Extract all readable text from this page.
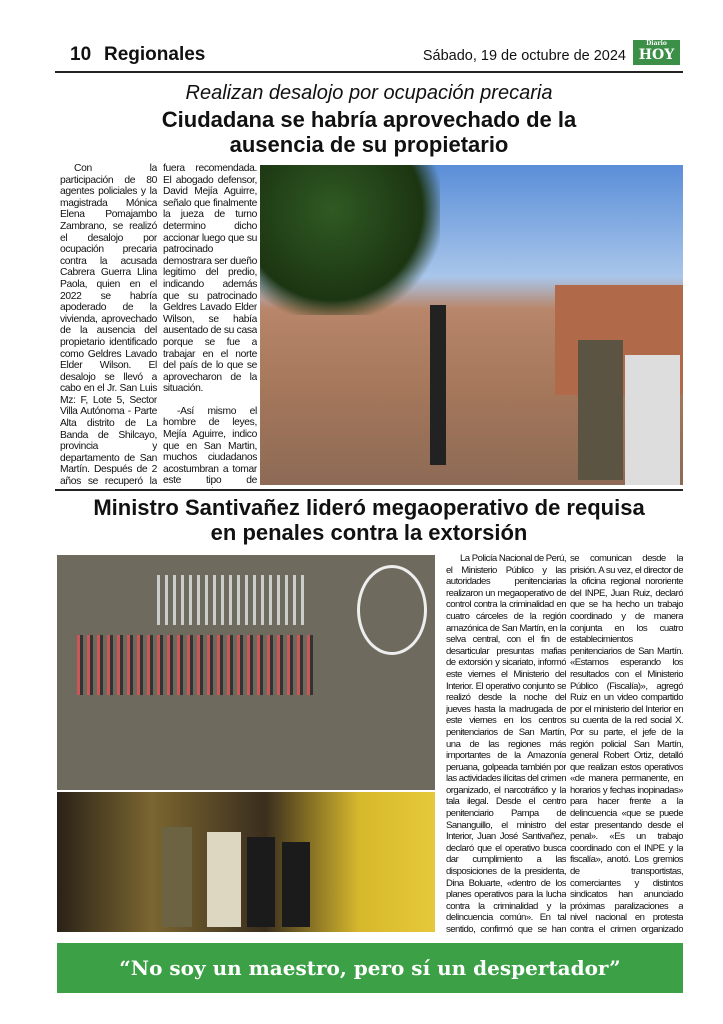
10 Regionales	Sábado, 19 de octubre de 2024
Diario
HOY
Realizan desalojo por ocupación precaria
Ciudadana se habría aprovechado de la ausencia de su propietario

Con la participación de 80 agentes policiales y la magistrada Mónica Elena Pomajambo Zambrano, se realizó el desalojo por ocupación precaria contra la acusada Cabrera Guerra Llina Paola, quien en el 2022 se habría apoderado de la vivienda, aprovechado de la ausencia del propietario identificado como Geldres Lavado Elder Wilson. El desalojo se llevó a cabo en el Jr. San Luis Mz: F, Lote 5, Sector Villa Autónoma - Parte Alta distrito de La Banda de Shilcayo, provincia y departamento de San Martín. Después de 2 años se recuperó la

fuera recomendada. El abogado defensor, David Mejía Aguirre, señalo que finalmente la jueza de turno determino dicho accionar luego que su patrocinado demostrara ser dueño legitimo del predio, indicando además que su patrocinado Geldres Lavado Elder Wilson, se había ausentado de su casa porque se fue a trabajar en el norte del país de lo que se aprovecharon de la situación.

-Así mismo el hombre de leyes, Mejía Aguirre, indico que en San Martin, muchos ciudadanos acostumbran a tomar este tipo de

Ministro Santivañez lideró megaoperativo de requisa en penales contra la extorsión

La Policía Nacional de Perú, el Ministerio Público y las autoridades penitenciarias realizaron un megaoperativo de control contra la criminalidad en cuatro cárceles de la región amazónica de San Martín, en la selva central, con el fin de desarticular presuntas mafias de extorsión y sicariato, informó este viernes el Ministerio del Interior. El operativo conjunto se realizó desde la noche del jueves hasta la madrugada de este viernes en los centros penitenciarios de San Martín, una de las regiones más importantes de la Amazonía peruana, golpeada también por las actividades ilícitas del crimen organizado, el narcotráfico y la tala ilegal. Desde el centro penitenciario Pampa de Sananguillo, el ministro del Interior, Juan José Santivañez, declaró que el operativo busca dar cumplimiento a las disposiciones de la presidenta, Dina Boluarte, «dentro de los planes operativos para la lucha contra la criminalidad y la delincuencia común». En tal sentido, confirmó que se han

se comunican desde la prisión. A su vez, el director de la oficina regional nororiente del INPE, Juan Ruiz, declaró que se ha hecho un trabajo coordinado y de manera conjunta en los cuatro establecimientos penitenciarios de San Martín. «Estamos esperando los resultados con el Ministerio Público (Fiscalía)», agregó Ruiz en un video compartido por el ministerio del Interior en su cuenta de la red social X. Por su parte, el jefe de la región policial San Martín, general Robert Ortiz, detalló que realizan estos operativos «de manera permanente, en horarios y fechas inopinadas» para hacer frente a la delincuencia «que se puede estar presentando desde el penal». «Es un trabajo coordinado con el INPE y la fiscalía», anotó. Los gremios de transportistas, comerciantes y distintos sindicatos han anunciado próximas paralizaciones a nivel nacional en protesta contra el crimen organizado

“No soy un maestro, pero sí un despertador”
